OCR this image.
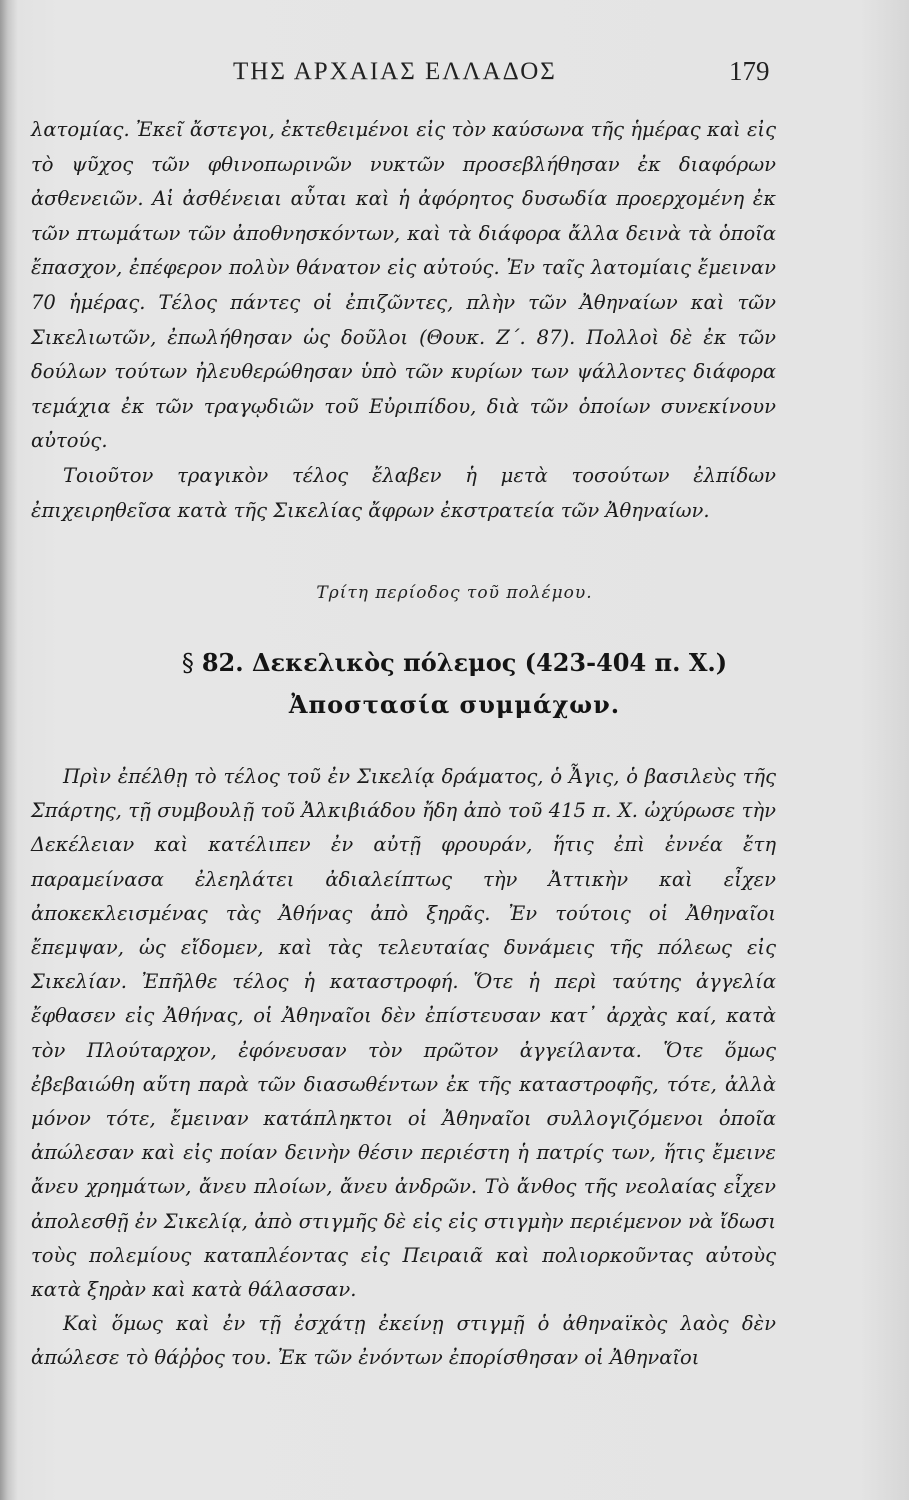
ΤΗΣ ΑΡΧΑΙΑΣ ΕΛΛΑΔΟΣ	179

λατομίας. Ἐκεῖ ἄστεγοι, ἐκτεθειμένοι εἰς τὸν καύσωνα τῆς ἡμέρας καὶ εἰς τὸ ψῦχος τῶν φθινοπωρινῶν νυκτῶν προσεβλήθησαν ἐκ διαφόρων ἀσθενειῶν. Αἱ ἀσθένειαι αὗται καὶ ἡ ἀφόρητος δυσωδία προερχομένη ἐκ τῶν πτωμάτων τῶν ἀποθνησκόντων, καὶ τὰ διάφορα ἄλλα δεινὰ τὰ ὁποῖα ἔπασχον, ἐπέφερον πολὺν θάνατον εἰς αὐτούς. Ἐν ταῖς λατομίαις ἔμειναν 70 ἡμέρας. Τέλος πάντες οἱ ἐπιζῶντες, πλὴν τῶν Ἀθηναίων καὶ τῶν Σικελιωτῶν, ἐπωλήθησαν ὡς δοῦλοι (Θουκ. Ζ΄. 87). Πολλοὶ δὲ ἐκ τῶν δούλων τούτων ἠλευθερώθησαν ὑπὸ τῶν κυρίων των ψάλλοντες διάφορα τεμάχια ἐκ τῶν τραγῳδιῶν τοῦ Εὐριπίδου, διὰ τῶν ὁποίων συνεκίνουν αὐτούς.

Τοιοῦτον τραγικὸν τέλος ἔλαβεν ἡ μετὰ τοσούτων ἐλπίδων ἐπιχειρηθεῖσα κατὰ τῆς Σικελίας ἄφρων ἐκστρατεία τῶν Ἀθηναίων.

Τρίτη περίοδος τοῦ πολέμου.
§ 82. Δεκελικὸς πόλεμος (423-404 π. Χ.)
Ἀποστασία συμμάχων.

Πρὶν ἐπέλθῃ τὸ τέλος τοῦ ἐν Σικελίᾳ δράματος, ὁ Ἆγις, ὁ βασιλεὺς τῆς Σπάρτης, τῇ συμβουλῇ τοῦ Ἀλκιβιάδου ἤδη ἀπὸ τοῦ 415 π. Χ. ὠχύρωσε τὴν Δεκέλειαν καὶ κατέλιπεν ἐν αὐτῇ φρουράν, ἥτις ἐπὶ ἐννέα ἔτη παραμείνασα ἐλεηλάτει ἀδιαλείπτως τὴν Ἀττικὴν καὶ εἶχεν ἀποκεκλεισμένας τὰς Ἀθήνας ἀπὸ ξηρᾶς. Ἐν τούτοις οἱ Ἀθηναῖοι ἔπεμψαν, ὡς εἴδομεν, καὶ τὰς τελευταίας δυνάμεις τῆς πόλεως εἰς Σικελίαν. Ἐπῆλθε τέλος ἡ καταστροφή. Ὅτε ἡ περὶ ταύτης ἀγγελία ἔφθασεν εἰς Ἀθήνας, οἱ Ἀθηναῖοι δὲν ἐπίστευσαν κατ᾽ ἀρχὰς καί, κατὰ τὸν Πλούταρχον, ἐφόνευσαν τὸν πρῶτον ἀγγείλαντα. Ὅτε ὅμως ἐβεβαιώθη αὕτη παρὰ τῶν διασωθέντων ἐκ τῆς καταστροφῆς, τότε, ἀλλὰ μόνον τότε, ἔμειναν κατάπληκτοι οἱ Ἀθηναῖοι συλλογιζόμενοι ὁποῖα ἀπώλεσαν καὶ εἰς ποίαν δεινὴν θέσιν περιέστη ἡ πατρίς των, ἥτις ἔμεινε ἄνευ χρημάτων, ἄνευ πλοίων, ἄνευ ἀνδρῶν. Τὸ ἄνθος τῆς νεολαίας εἶχεν ἀπολεσθῇ ἐν Σικελίᾳ, ἀπὸ στιγμῆς δὲ εἰς εἰς στιγμὴν περιέμενον νὰ ἴδωσι τοὺς πολεμίους καταπλέοντας εἰς Πειραιᾶ καὶ πολιορκοῦντας αὐτοὺς κατὰ ξηρὰν καὶ κατὰ θάλασσαν.

Καὶ ὅμως καὶ ἐν τῇ ἐσχάτῃ ἐκείνῃ στιγμῇ ὁ ἀθηναϊκὸς λαὸς δὲν ἀπώλεσε τὸ θάῤῥος του. Ἐκ τῶν ἐνόντων ἐπορίσθησαν οἱ Ἀθηναῖοι
